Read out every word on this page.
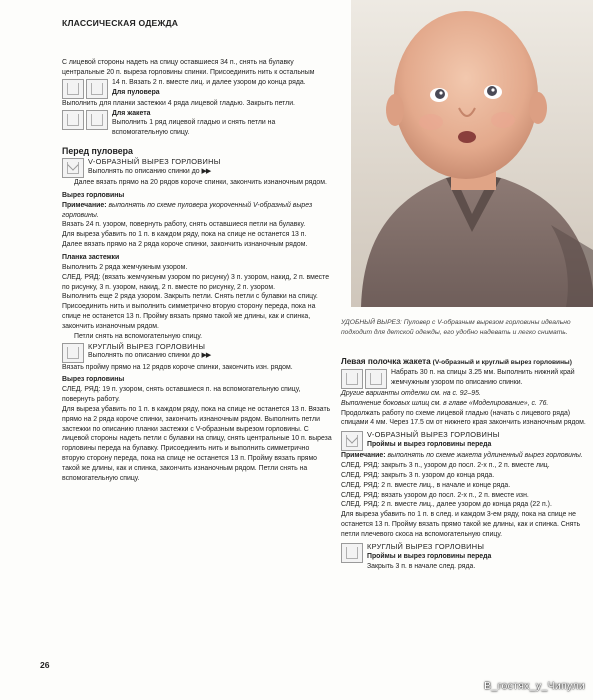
КЛАССИЧЕСКАЯ ОДЕЖДА
УДОБНЫЙ ВЫРЕЗ: Пуловер с V-образным вырезом горловины идеально подходит для детской одежды, его удобно надевать и легко снимать.

С лицевой стороны надеть на спицу оставшиеся 34 п., снять на булавку центральные 20 п. выреза горловины спинки. Присоединить нить к остальным

14 п. Вязать 2 п. вместе лиц. и далее узором до конца ряда.

Для пуловера

Выполнить для планки застежки 4 ряда лицевой гладью. Закрыть петли.

Для жакета

Выполнить 1 ряд лицевой гладью и снять петли на вспомогательную спицу.

Перед пуловера

V-ОБРАЗНЫЙ ВЫРЕЗ ГОРЛОВИНЫ

Выполнять по описанию спинки до ▶▶

Далее вязать прямо на 20 рядов короче спинки, закончить изнаночным рядом.

Вырез горловины

Примечание: выполнять по схеме пуловера укороченный V-образный вырез горловины.

Вязать 24 п. узором, повернуть работу, снять оставшиеся петли на булавку.

Для выреза убавить по 1 п. в каждом ряду, пока на спице не останется 13 п.

Далее вязать прямо на 2 ряда короче спинки, закончить изнаночным рядом.

Планка застежки

Выполнить 2 ряда жемчужным узором.

СЛЕД. РЯД: (вязать жемчужным узором по рисунку) 3 п. узором, накид, 2 п. вместе по рисунку, 3 п. узором, накид, 2 п. вместе по рисунку, 2 п. узором.

Выполнить еще 2 ряда узором. Закрыть петли. Снять петли с булавки на спицу. Присоединить нить и выполнить симметрично вторую сторону переда, пока на спице не останется 13 п. Пройму вязать прямо такой же длины, как и спинка, закончить изнаночным рядом.

Петли снять на вспомогательную спицу.

КРУГЛЫЙ ВЫРЕЗ ГОРЛОВИНЫ

Выполнять по описанию спинки до ▶▶

Вязать пройму прямо на 12 рядов короче спинки, закончить изн. рядом.

Вырез горловины

СЛЕД. РЯД: 19 п. узором, снять оставшиеся п. на вспомогательную спицу, повернуть работу.

Для выреза убавить по 1 п. в каждом ряду, пока на спице не останется 13 п. Вязать прямо на 2 ряда короче спинки, закончить изнаночным рядом. Выполнить петли застежки по описанию планки застежки с V-образным вырезом горловины. С лицевой стороны надеть петли с булавки на спицу, снять центральные 10 п. выреза горловины переда на булавку. Присоединить нить и выполнить симметрично вторую сторону переда, пока на спице не останется 13 п. Пройму вязать прямо такой же длины, как и спинка, закончить изнаночным рядом. Петли снять на вспомогательную спицу.

Левая полочка жакета (V-образный и круглый вырез горловины)

Набрать 30 п. на спицы 3.25 мм. Выполнить нижний край жемчужным узором по описанию спинки.

Другие варианты отделки см. на с. 92–95.

Выполнение боковых шлиц см. в главе «Моделирование», с. 76.

Продолжать работу по схеме лицевой гладью (начать с лицевого ряда) спицами 4 мм. Через 17.5 см от нижнего края закончить изнаночным рядом.

V-ОБРАЗНЫЙ ВЫРЕЗ ГОРЛОВИНЫ

Проймы и вырез горловины переда

Примечание: выполнять по схеме жакета удлиненный вырез горловины.

СЛЕД. РЯД: закрыть 3 п., узором до посл. 2-х п., 2 п. вместе лиц.

СЛЕД. РЯД: закрыть 3 п. узором до конца ряда.

СЛЕД. РЯД: 2 п. вместе лиц., в начале и конце ряда.

СЛЕД. РЯД: вязать узором до посл. 2-х п., 2 п. вместе изн.

СЛЕД. РЯД: 2 п. вместе лиц., далее узором до конца ряда (22 п.).

Для выреза убавить по 1 п. в след. и каждом 3-ем ряду, пока на спице не останется 13 п. Пройму вязать прямо такой же длины, как и спинка. Снять петли плечевого скоса на вспомогательную спицу.

КРУГЛЫЙ ВЫРЕЗ ГОРЛОВИНЫ

Проймы и вырез горловины переда

Закрыть 3 п. в начале след. ряда.

26
В_гостях_у_Чипули
